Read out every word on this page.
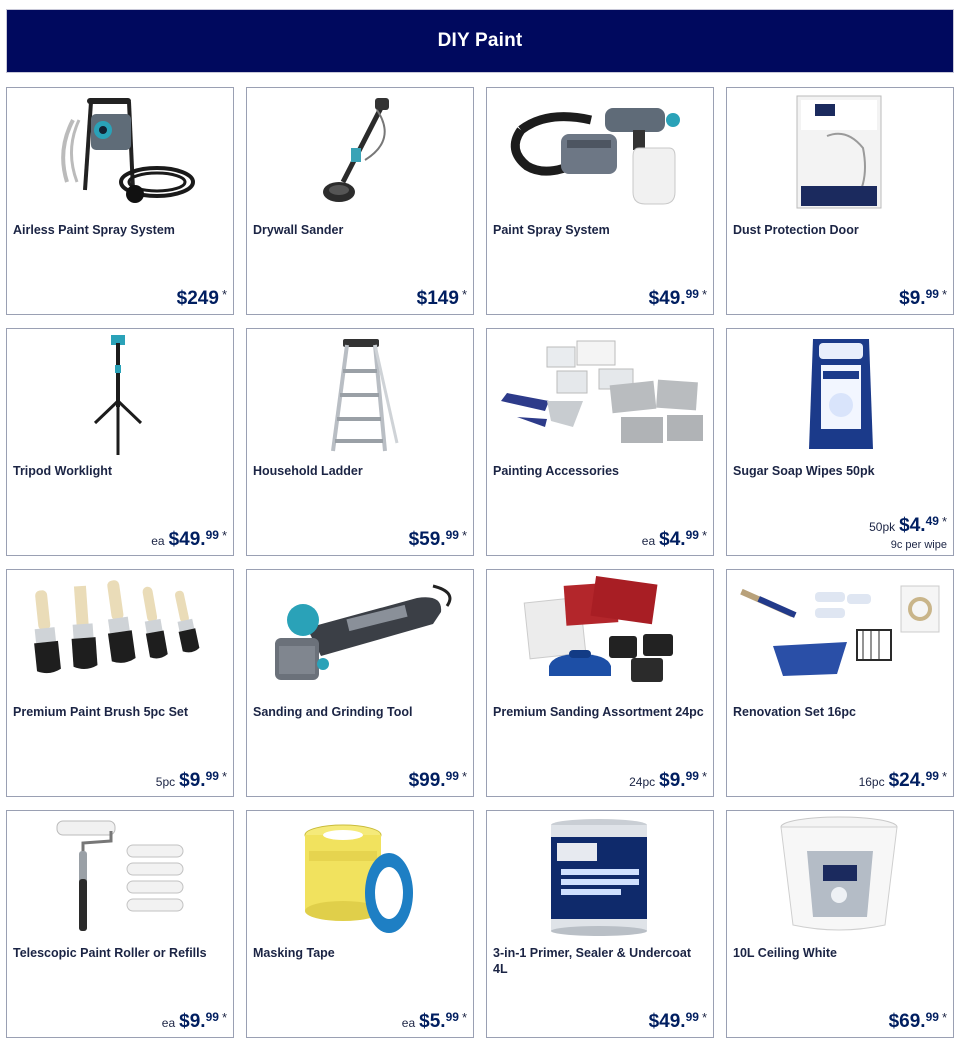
DIY Paint
Airless Paint Spray System
$249 *
Drywall Sander
$149 *
Paint Spray System
$49. 99 *
Dust Protection Door
$9. 99 *
Tripod Worklight
ea $49. 99 *
Household Ladder
$59. 99 *
Painting Accessories
ea $4. 99 *
Sugar Soap Wipes 50pk
50pk $4. 49 *
9c per wipe
Premium Paint Brush 5pc Set
5pc $9. 99 *
Sanding and Grinding Tool
$99. 99 *
Premium Sanding Assortment 24pc
24pc $9. 99 *
Renovation Set 16pc
16pc $24. 99 *
Telescopic Paint Roller or Refills
ea $9. 99 *
Masking Tape
ea $5. 99 *
3-in-1 Primer, Sealer & Undercoat 4L
$49. 99 *
10L Ceiling White
$69. 99 *
